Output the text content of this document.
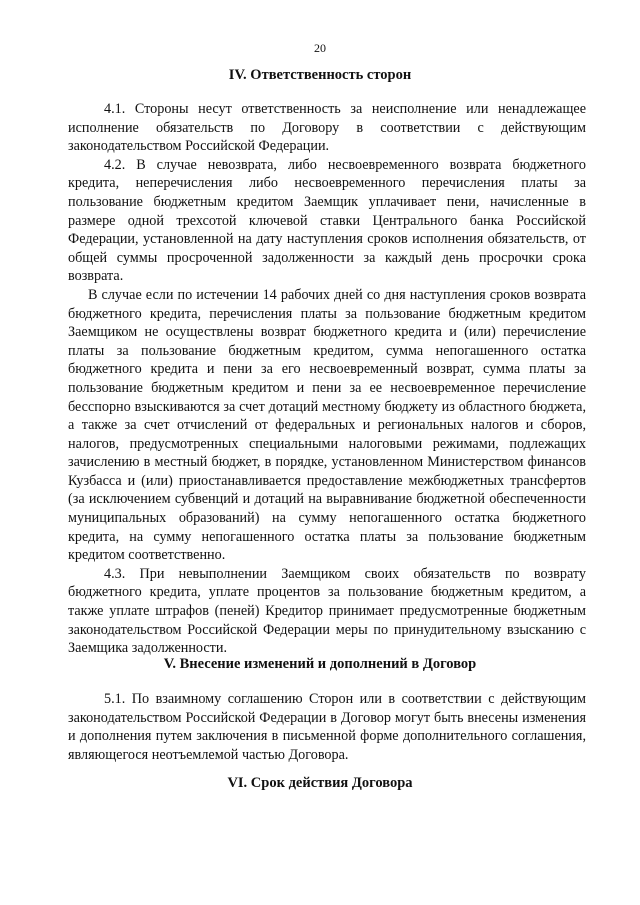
20
IV. Ответственность сторон

4.1. Стороны несут ответственность за неисполнение или ненадлежащее исполнение обязательств по Договору в соответствии с действующим законодательством Российской Федерации.

4.2. В случае невозврата, либо несвоевременного возврата бюджетного кредита, неперечисления либо несвоевременного перечисления платы за пользование бюджетным кредитом Заемщик уплачивает пени, начисленные в размере одной трехсотой ключевой ставки Центрального банка Российской Федерации, установленной на дату наступления сроков исполнения обязательств, от общей суммы просроченной задолженности за каждый день просрочки срока возврата.

В случае если по истечении 14 рабочих дней со дня наступления сроков возврата бюджетного кредита, перечисления платы за пользование бюджетным кредитом Заемщиком не осуществлены возврат бюджетного кредита и (или) перечисление платы за пользование бюджетным кредитом, сумма непогашенного остатка бюджетного кредита и пени за его несвоевременный возврат, сумма платы за пользование бюджетным кредитом и пени за ее несвоевременное перечисление бесспорно взыскиваются за счет дотаций местному бюджету из областного бюджета, а также за счет отчислений от федеральных и региональных налогов и сборов, налогов, предусмотренных специальными налоговыми режимами, подлежащих зачислению в местный бюджет, в порядке, установленном Министерством финансов Кузбасса и (или) приостанавливается предоставление межбюджетных трансфертов (за исключением субвенций и дотаций на выравнивание бюджетной обеспеченности муниципальных образований) на сумму непогашенного остатка бюджетного кредита, на сумму непогашенного остатка платы за пользование бюджетным кредитом соответственно.

4.3. При невыполнении Заемщиком своих обязательств по возврату бюджетного кредита, уплате процентов за пользование бюджетным кредитом, а также уплате штрафов (пеней) Кредитор принимает предусмотренные бюджетным законодательством Российской Федерации меры по принудительному взысканию с Заемщика задолженности.

V. Внесение изменений и дополнений в Договор

5.1. По взаимному соглашению Сторон или в соответствии с действующим законодательством Российской Федерации в Договор могут быть внесены изменения и дополнения путем заключения в письменной форме дополнительного соглашения, являющегося неотъемлемой частью Договора.

VI. Срок действия Договора
